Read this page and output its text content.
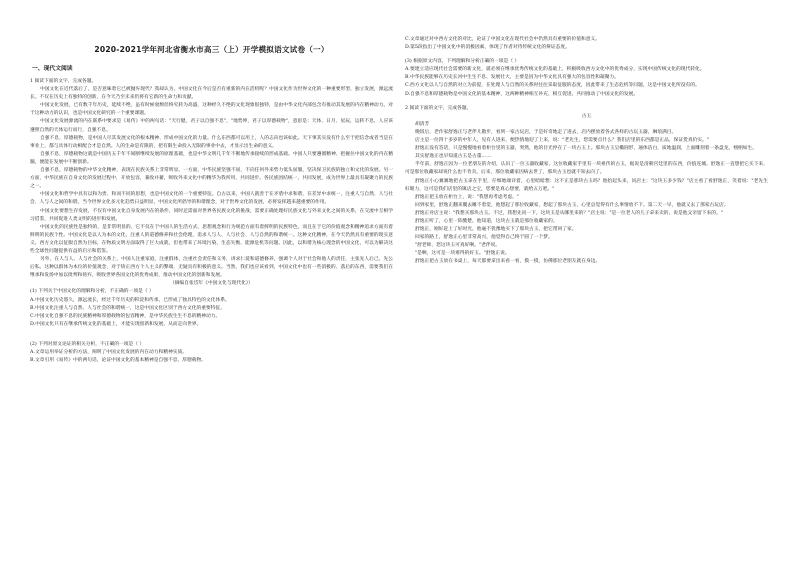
2020-2021学年河北省衡水市高三（上）开学模拟语文试卷（一）
一、现代文阅读

1 阅读下面的文字，完成各题。

中国文化在近代落后了，是否意味着它已被抛弃现代？我却认为，中国文化在今后是否有重新的内在活机呢？中国文化作为世界文化的一种重要形型，独立发展，源远流长。不仅在历史上有独特的创新，在今天乃至未来仍将有它新的生命力和贡献。

中国文化发展，已有数千年历史，延续不绝，虽有时候衰颓但终究转为高盛，这种经久不绝的文化现象很独特，是由中华文化内部包含有推动其发展的内在精神动力。对于这种动力的认识，也是中国文化研究的一个重要课题。

中国文化发展源流的内在联系中要求是《易传》中的两句话："天行健，君子以自强不息"，"地势坤，君子以厚德载物"，意思是：天体、日月、星辰，运转不息，人应该遵照自然的天体运行而行，自强不息。

自强不息，厚德载物，是中国人尽其发展文化的根本精神、形成中国文化的力量。什么东西都可以用上，人的志向也该如此。天下事其实没有什么至于把信念或者当是在事业上，都与具体行动相配合才是自然。人的生命是有限的，把有限生命投入无限的事业中去，才显示出生命的意义。

自强不息，厚德载物这就是中国历五千年不间断继续发展的原理基础，也是中华文明几千年不断地传承接续的形成基础。中国人只要遵循精神、把握住中国文化的内在精髓，便能在发展中不断创新。

自强不息，厚德载物的中华文化精神，表现在民族关系上非常明显。一方面，中华民族坚强不屈，不向任何外来势力低头屈服，坚决保卫民族的独立和文化的发展。另一方面，中华民族在自身文化的发展过程中，开放包容，兼收并蓄，吸收外来文化中的精华为我所用，共同进步。各民族团结统一，共同发展，成为世界上最具有凝聚力的民族之一。

中国文化和哲学中具有以和为贵、和而不同的思想，也是中国文化的一个重要特征。自古以来，中国人就善于在矛盾中求和谐，在差异中求统一，注重人与自然、人与社会、人与人之间的和谐。当今世界文化多元化趋势日益明显，中国文化所倡导的和谐理念，对于世界文化的发展，必将发挥越来越重要的作用。

中国文化要想生存发展，不仅有中国文化自身发展内在的条件，同时还需面对世界各民族文化的挑战，需要正确处理好民族文化与外来文化之间的关系，在交流中互相学习借鉴，共同促进人类文明的进步和发展。

中国文化的民族性是独特的，是非常明显的。它不仅在于中国人的生活方式、思想观念和行为规范方面有着鲜明的民族特色，而且在于它的价值观念和精神追求方面有着鲜明的民族个性。中国文化是以人为本的文化，注重人的道德修养和社会伦理，追求人与人、人与社会、人与自然的和谐统一。这种文化精神，在今天仍然具有重要的现实意义。西方文化以征服自然为目标，在物质文明方面取得了巨大成就，但也带来了环境污染、生态失衡、能源危机等问题。因此，以和谐为核心理念的中国文化，可以为解决这些全球性问题提供有益的启示和借鉴。

另外，在人与人、人与社会的关系上，中国人注重家庭，注重群体，注重社会责任和义务，讲求仁爱和道德修养，强调个人对于社会和他人的责任，主张先人后己，先公后私。这种以群体为本位的价值观念，对于矫正西方个人主义的弊端，无疑具有积极的意义。当然，我们也应该看到，中国文化中也有一些消极的、落后的东西，需要我们在继承和发扬中加以批判和扬弃，吸收世界各国文化的优秀成果，推动中国文化的创新和发展。

（摘编自张岱年《中国文化与现代化》）

(1) 下列关于中国文化的理解和分析，不正确的一项是（ ）

A.中国文化历史悠久，源远流长，经过千年历史的积淀和传承，已形成了独具特色的文化体系。

B.中国文化注重人与自然、人与社会的和谐统一，这是中国文化区别于西方文化的重要特征。

C.中国文化自强不息的民族精神和厚德载物的包容精神，是中华民族生生不息的精神动力。

D.中国文化只有在继承传统文化的基础上，才能实现创新和发展，从而走向世界。

(2) 下列对原文论证的相关分析，不正确的一项是（ ）

A.文章运用举证分析的方法，阐明了中国文化发展的内在动力和精神实质。

B.文章引用《易传》中的两句话，论证中国文化的基本精神是自强不息，厚德载物。

C.文章通过对中西方文化的对比，论证了中国文化在现代社会中仍然具有重要的价值和意义。

D.第5段指出了中国文化中的消极因素，体现了作者对待传统文化的辩证态度。

(3) 根据原文内容，下列理解和分析正确的一项是（ ）

A.要建立适应现代社会需要的新文化，就必须在继承优秀传统文化的基础上，积极吸收西方文化中的优秀成分，实现中国传统文化的现代转化。

B.中华民族能够在历史长河中生生不息、发展壮大，主要是因为中华文化具有强大的包容性和凝聚力。

C.西方文化以人与自然的对立为前提，在处理人与自然的关系时往往采取征服的态度，因此带来了生态危机等问题，这是中国文化所没有的。

D.自强不息和厚德载物是中国文化的基本精神，这两种精神相互补充、相互促进，共同推动了中国文化的发展。

2 阅读下面的文字，完成各题。

古玉

胡清芳

晚饭后，老作家舒逸正与老伴儿散步，看到一家古玩店，于是好奇地走了进去，店内摆放着各式各样的古玩玉器，琳琅满目。

店主是一位四十多岁的中年人，见有人进来，便热情地迎了上来，说："老先生，您需要点什么？我们店里的东西都是正品，保证货真价实。"

舒逸正没有答话，只是慢慢地看着柜台里的玉器，突然，他的目光停在了一块古玉上。那块古玉呈椭圆形，通体洁白，质地温润，上面雕刻着一条盘龙，栩栩如生。

其实舒逸正也早知道古玉是古董……

半年前，舒逸正因为一位老朋友的介绍，认识了一位玉器收藏家，这位收藏家手里有一块祖传的古玉，据说是清朝宫廷里的东西，价值连城。舒逸正一直想把它买下来，可是那位收藏家却说什么也不肯卖。后来，那位收藏家因病去世了，那块古玉也就不知去向了。

舒逸正小心翼翼地把古玉拿在手里，仔细地端详着，心里暗暗想：这不正是那块古玉吗？他抬起头来，问店主："这块玉多少钱？"店主看了看舒逸正，笑着说："老先生好眼力，这可是我们店里的镇店之宝，您要是真心想要，就给五万吧。"

舒逸正把玉放在柜台上，说："我想再考虑考虑。"

回到家里，舒逸正翻来覆去睡不着觉，他想起了那位收藏家，想起了那块古玉，心里总觉得有什么事情放不下。第二天一早，他就又去了那家古玩店。

舒逸正对店主说："我想买那块古玉。不过，我想先问一下，这块玉是从哪里来的？"店主说："是一位老人的儿子拿来卖的，说是他父亲留下来的。"

舒逸正听了，心里一阵酸楚。他知道，这块古玉就是那位收藏家的。

舒逸正，刚好赶上了好时光。他毫不犹豫地买下了那块古玉，把它带回了家。

回家的路上，舒逸正心里非常高兴，他觉得自己终于圆了一个梦。

"舒老师，您这块玉可真好啊。"老伴说。

"是啊，这可是一块难得的好玉。"舒逸正说。

舒逸正把古玉放在书桌上，每天都要拿出来看一看，摸一摸，仿佛那位老朋友就在身边。
